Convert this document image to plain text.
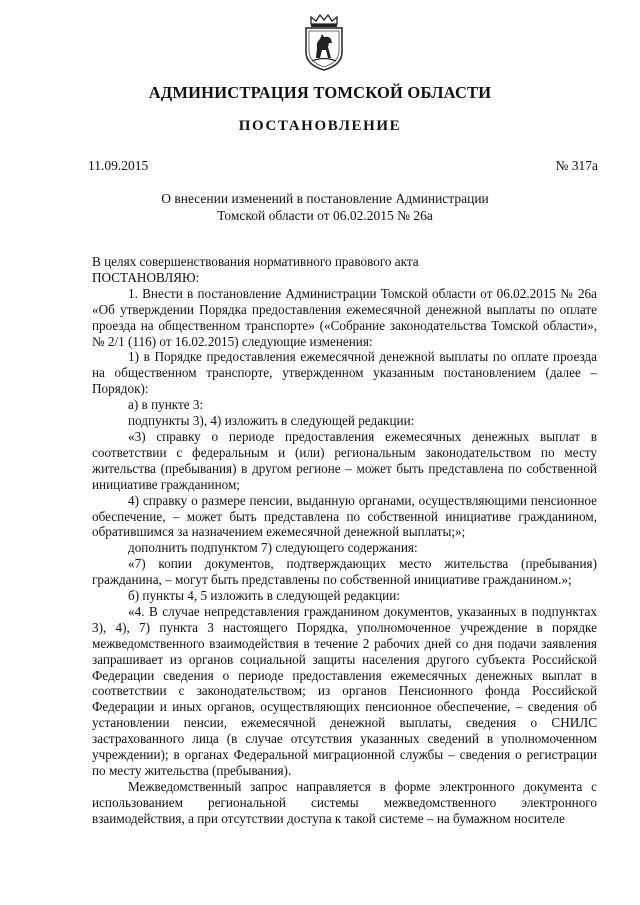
АДМИНИСТРАЦИЯ ТОМСКОЙ ОБЛАСТИ
ПОСТАНОВЛЕНИЕ
11.09.2015	№ 317а
О внесении изменений в постановление Администрации
Томской области от 06.02.2015 № 26а

В целях совершенствования нормативного правового акта

ПОСТАНОВЛЯЮ:

1. Внести в постановление Администрации Томской области от 06.02.2015 № 26а «Об утверждении Порядка предоставления ежемесячной денежной выплаты по оплате проезда на общественном транспорте» («Собрание законодательства Томской области», № 2/1 (116) от 16.02.2015) следующие изменения:

1) в Порядке предоставления ежемесячной денежной выплаты по оплате проезда на общественном транспорте, утвержденном указанным постановлением (далее – Порядок):

а) в пункте 3:

подпункты 3), 4) изложить в следующей редакции:

«3) справку о периоде предоставления ежемесячных денежных выплат в соответствии с федеральным и (или) региональным законодательством по месту жительства (пребывания) в другом регионе – может быть представлена по собственной инициативе гражданином;

4) справку о размере пенсии, выданную органами, осуществляющими пенсионное обеспечение, – может быть представлена по собственной инициативе гражданином, обратившимся за назначением ежемесячной денежной выплаты;»;

дополнить подпунктом 7) следующего содержания:

«7) копии документов, подтверждающих место жительства (пребывания) гражданина, – могут быть представлены по собственной инициативе гражданином.»;

б) пункты 4, 5 изложить в следующей редакции:

«4. В случае непредставления гражданином документов, указанных в подпунктах 3), 4), 7) пункта 3 настоящего Порядка, уполномоченное учреждение в порядке межведомственного взаимодействия в течение 2 рабочих дней со дня подачи заявления запрашивает из органов социальной защиты населения другого субъекта Российской Федерации сведения о периоде предоставления ежемесячных денежных выплат в соответствии с законодательством; из органов Пенсионного фонда Российской Федерации и иных органов, осуществляющих пенсионное обеспечение, – сведения об установлении пенсии, ежемесячной денежной выплаты, сведения о СНИЛС застрахованного лица (в случае отсутствия указанных сведений в уполномоченном учреждении); в органах Федеральной миграционной службы – сведения о регистрации по месту жительства (пребывания).

Межведомственный запрос направляется в форме электронного документа с использованием региональной системы межведомственного электронного взаимодействия, а при отсутствии доступа к такой системе – на бумажном носителе
